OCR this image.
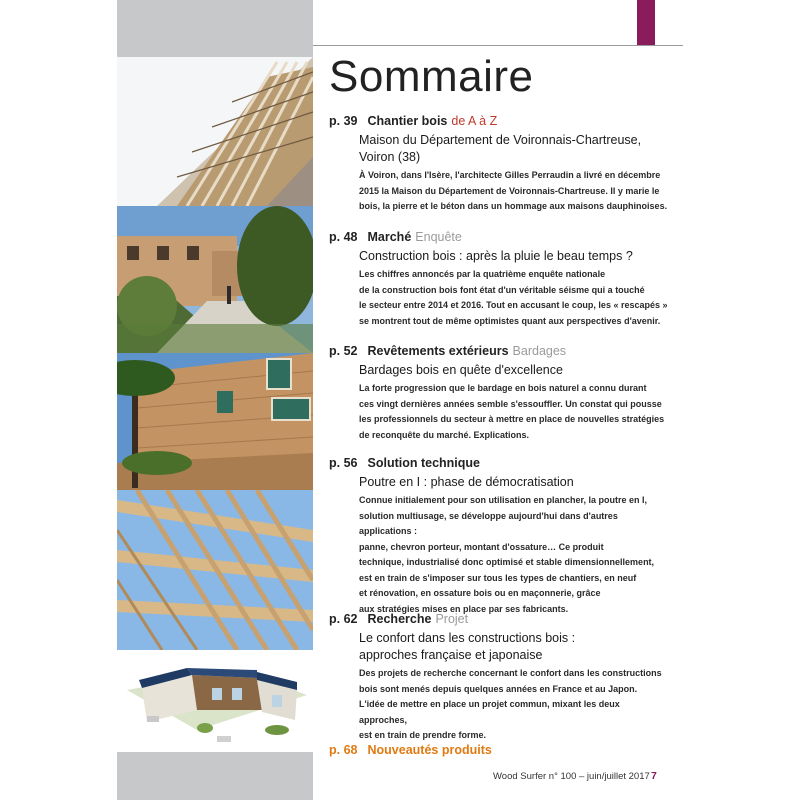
Sommaire
p. 39 Chantier bois de A à Z
Maison du Département de Voironnais-Chartreuse,
Voiron (38)
À Voiron, dans l'Isère, l'architecte Gilles Perraudin a livré en décembre
2015 la Maison du Département de Voironnais-Chartreuse. Il y marie le
bois, la pierre et le béton dans un hommage aux maisons dauphinoises.
p. 48 Marché Enquête
Construction bois : après la pluie le beau temps ?
Les chiffres annoncés par la quatrième enquête nationale
de la construction bois font état d'un véritable séisme qui a touché
le secteur entre 2014 et 2016. Tout en accusant le coup, les « rescapés »
se montrent tout de même optimistes quant aux perspectives d'avenir.
p. 52 Revêtements extérieurs Bardages
Bardages bois en quête d'excellence
La forte progression que le bardage en bois naturel a connu durant
ces vingt dernières années semble s'essouffler. Un constat qui pousse
les professionnels du secteur à mettre en place de nouvelles stratégies
de reconquête du marché. Explications.
p. 56 Solution technique
Poutre en I : phase de démocratisation
Connue initialement pour son utilisation en plancher, la poutre en I,
solution multiusage, se développe aujourd'hui dans d'autres applications :
panne, chevron porteur, montant d'ossature… Ce produit
technique, industrialisé donc optimisé et stable dimensionnellement,
est en train de s'imposer sur tous les types de chantiers, en neuf
et rénovation, en ossature bois ou en maçonnerie, grâce
aux stratégies mises en place par ses fabricants.
p. 62 Recherche Projet
Le confort dans les constructions bois :
approches française et japonaise
Des projets de recherche concernant le confort dans les constructions
bois sont menés depuis quelques années en France et au Japon.
L'idée de mettre en place un projet commun, mixant les deux approches,
est en train de prendre forme.
p. 68 Nouveautés produits
Wood Surfer n° 100 – juin/juillet 2017 7
